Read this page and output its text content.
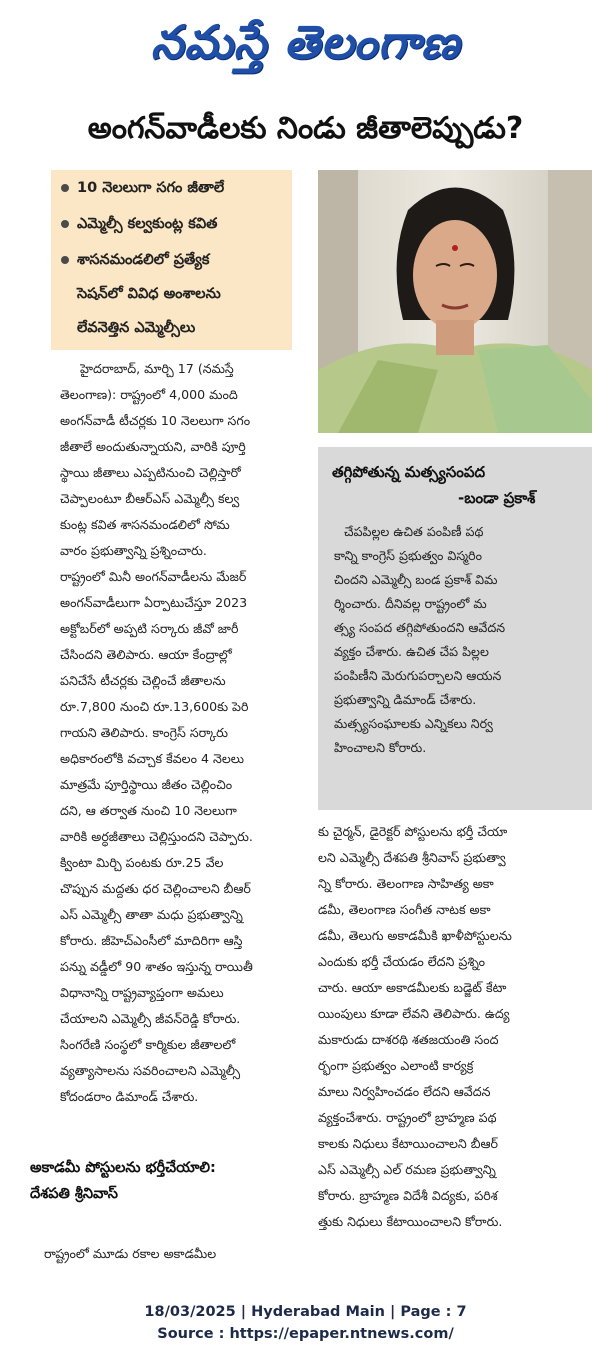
నమస్తే తెలంగాణ
అంగన్‌వాడీలకు నిండు జీతాలెప్పుడు?
10 నెలలుగా సగం జీతాలే
ఎమ్మెల్సీ కల్వకుంట్ల కవిత
శాసనమండలిలో ప్రత్యేక
సెషన్‌లో వివిధ అంశాలను
లేవనెత్తిన ఎమ్మెల్సీలు
తగ్గిపోతున్న మత్స్యసంపద
-బండా ప్రకాశ్
చేపపిల్లల ఉచిత పంపిణీ పథ
కాన్ని కాంగ్రెస్ ప్రభుత్వం విస్మరిం
చిందని ఎమ్మెల్సీ బండ ప్రకాశ్ విమ
ర్శించారు. దీనివల్ల రాష్ట్రంలో మ
త్స్య సంపద తగ్గిపోతుందని ఆవేదన
వ్యక్తం చేశారు. ఉచిత చేప పిల్లల
పంపిణీని మెరుగుపర్చాలని ఆయన
ప్రభుత్వాన్ని డిమాండ్ చేశారు.
మత్స్యసంఘాలకు ఎన్నికలు నిర్వ
హించాలని కోరారు.
హైదరాబాద్, మార్చి 17 (నమస్తే
తెలంగాణ): రాష్ట్రంలో 4,000 మంది
అంగన్‌వాడీ టీచర్లకు 10 నెలలుగా సగం
జీతాలే అందుతున్నాయని, వారికి పూర్తి
స్థాయి జీతాలు ఎప్పటినుంచి చెల్లిస్తారో
చెప్పాలంటూ బీఆర్‌ఎస్ ఎమ్మెల్సీ కల్వ
కుంట్ల కవిత శాసనమండలిలో సోమ
వారం ప్రభుత్వాన్ని ప్రశ్నించారు.
రాష్ట్రంలో మినీ అంగన్‌వాడీలను మేజర్
అంగన్‌వాడీలుగా ఏర్పాటుచేస్తూ 2023
అక్టోబర్‌లో అప్పటి సర్కారు జీవో జారీ
చేసిందని తెలిపారు. ఆయా కేంద్రాల్లో
పనిచేసే టీచర్లకు చెల్లించే జీతాలను
రూ.7,800 నుంచి రూ.13,600కు పెరి
గాయని తెలిపారు. కాంగ్రెస్ సర్కారు
అధికారంలోకి వచ్చాక కేవలం 4 నెలలు
మాత్రమే పూర్తిస్థాయి జీతం చెల్లించిం
దని, ఆ తర్వాత నుంచి 10 నెలలుగా
వారికి అర్ధజీతాలు చెల్లిస్తుందని చెప్పారు.
క్వింటా మిర్చి పంటకు రూ.25 వేల
చొప్పున మద్దతు ధర చెల్లించాలని బీఆర్
ఎస్ ఎమ్మెల్సీ తాతా మధు ప్రభుత్వాన్ని
కోరారు. జీహెచ్ఎంసీలో మాదిరిగా ఆస్తి
పన్ను వడ్డీలో 90 శాతం ఇస్తున్న రాయితీ
విధానాన్ని రాష్ట్రవ్యాప్తంగా అమలు
చేయాలని ఎమ్మెల్సీ జీవన్‌రెడ్డి కోరారు.
సింగరేణి సంస్థలో కార్మికుల జీతాలలో
వ్యత్యాసాలను సవరించాలని ఎమ్మెల్సీ
కోదండరాం డిమాండ్ చేశారు.
అకాడమీ పోస్టులను భర్తీచేయాలి:
దేశపతి శ్రీనివాస్
రాష్ట్రంలో మూడు రకాల అకాడమీల
కు చైర్మన్, డైరెక్టర్ పోస్టులను భర్తీ చేయా
లని ఎమ్మెల్సీ దేశపతి శ్రీనివాస్ ప్రభుత్వా
న్ని కోరారు. తెలంగాణ సాహిత్య అకా
డమీ, తెలంగాణ సంగీత నాటక అకా
డమీ, తెలుగు అకాడమీకి ఖాళీపోస్టులను
ఎందుకు భర్తీ చేయడం లేదని ప్రశ్నిం
చారు. ఆయా అకాడమీలకు బడ్జెట్ కేటా
యింపులు కూడా లేవని తెలిపారు. ఉద్య
మకారుడు దాశరథి శతజయంతి సంద
ర్భంగా ప్రభుత్వం ఎలాంటి కార్యక్ర
మాలు నిర్వహించడం లేదని ఆవేదన
వ్యక్తంచేశారు. రాష్ట్రంలో బ్రాహ్మణ పథ
కాలకు నిధులు కేటాయించాలని బీఆర్
ఎస్ ఎమ్మెల్సీ ఎల్ రమణ ప్రభుత్వాన్ని
కోరారు. బ్రాహ్మణ విదేశీ విద్యకు, పరిశ
త్తుకు నిధులు కేటాయించాలని కోరారు.
18/03/2025 | Hyderabad Main | Page : 7
Source : https://epaper.ntnews.com/
